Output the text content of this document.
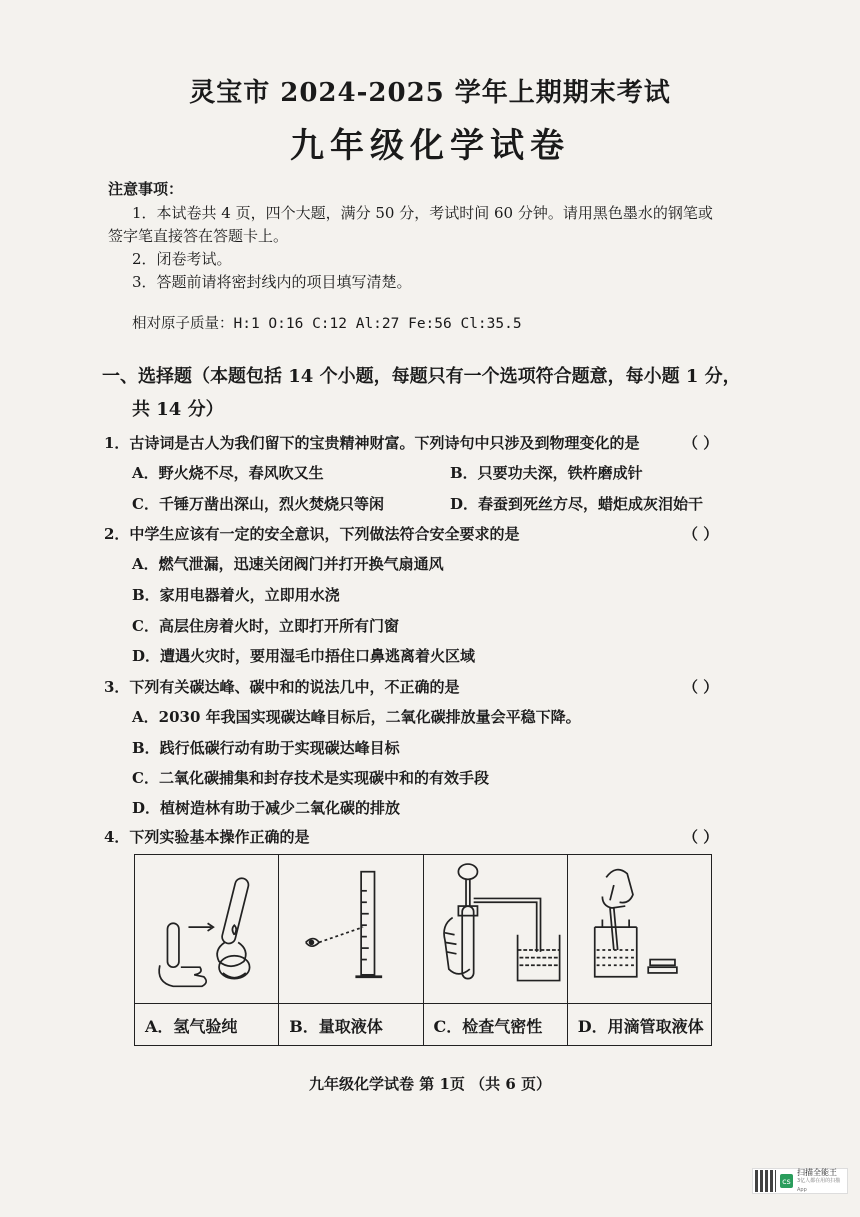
灵宝市 2024-2025 学年上期期末考试
九年级化学试卷
注意事项：
1．本试卷共 4 页，四个大题，满分 50 分，考试时间 60 分钟。请用黑色墨水的钢笔或
签字笔直接答在答题卡上。
2．闭卷考试。
3．答题前请将密封线内的项目填写清楚。
相对原子质量：H:1 O:16 C:12 Al:27 Fe:56 Cl:35.5
一、选择题（本题包括 14 个小题，每题只有一个选项符合题意，每小题 1 分，
共 14 分）
1．古诗词是古人为我们留下的宝贵精神财富。下列诗句中只涉及到物理变化的是	（ ）
A．野火烧不尽，春风吹又生	B．只要功夫深，铁杵磨成针
C．千锤万凿出深山，烈火焚烧只等闲	D．春蚕到死丝方尽，蜡炬成灰泪始干
2．中学生应该有一定的安全意识，下列做法符合安全要求的是	（ ）
A．燃气泄漏，迅速关闭阀门并打开换气扇通风
B．家用电器着火，立即用水浇
C．高层住房着火时，立即打开所有门窗
D．遭遇火灾时，要用湿毛巾捂住口鼻逃离着火区域
3．下列有关碳达峰、碳中和的说法几中，不正确的是	（ ）
A．2030 年我国实现碳达峰目标后，二氧化碳排放量会平稳下降。
B．践行低碳行动有助于实现碳达峰目标
C．二氧化碳捕集和封存技术是实现碳中和的有效手段
D．植树造林有助于减少二氧化碳的排放
4．下列实验基本操作正确的是	（ ）
A．氢气验纯	B．量取液体	C．检查气密性	D．用滴管取液体
九年级化学试卷 第 1页 （共 6 页）
cs
扫描全能王
3亿人都在用的扫描App
